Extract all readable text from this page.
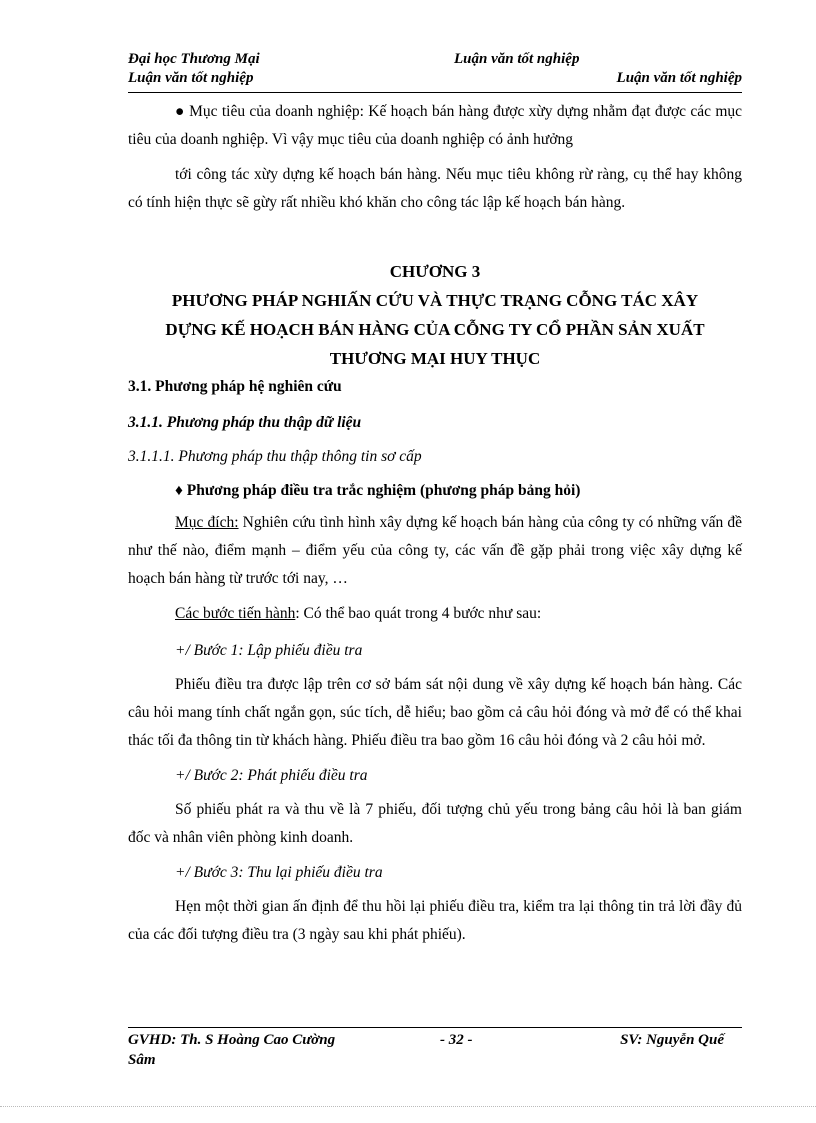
Đại học Thương Mại	Luận văn tốt nghiệp
Luận văn tốt nghiệp	Luận văn tốt nghiệp

● Mục tiêu của doanh nghiệp: Kế hoạch bán hàng được xừy dựng nhằm đạt được các mục tiêu của doanh nghiệp. Vì vậy mục tiêu của doanh nghiệp có ảnh hưởng

tới công tác xừy dựng kế hoạch bán hàng. Nếu mục tiêu không rừ ràng, cụ thể hay không có tính hiện thực sẽ gừy rất nhiều khó khăn cho công tác lập kế hoạch bán hàng.

CHƯƠNG 3
PHƯƠNG PHÁP NGHIẤN CỨU VÀ THỰC TRẠNG CỖNG TÁC XÂY
DỰNG KẾ HOẠCH BÁN HÀNG CỦA CỖNG TY CỔ PHẦN SẢN XUẤT
THƯƠNG MẠI HUY THỤC

3.1. Phương pháp hệ nghiên cứu

3.1.1. Phương pháp thu thập dữ liệu

3.1.1.1. Phương pháp thu thập thông tin sơ cấp

♦ Phương pháp điều tra trắc nghiệm (phương pháp bảng hỏi)

Mục đích: Nghiên cứu tình hình xây dựng kế hoạch bán hàng của công ty có những vấn đề như thế nào, điểm mạnh – điểm yếu của công ty, các vấn đề gặp phải trong việc xây dựng kế hoạch bán hàng từ trước tới nay, …

Các bước tiến hành: Có thể bao quát trong 4 bước như sau:

+/ Bước 1: Lập phiếu điều tra

Phiếu điều tra được lập trên cơ sở bám sát nội dung về xây dựng kế hoạch bán hàng. Các câu hỏi mang tính chất ngắn gọn, súc tích, dễ hiểu; bao gồm cả câu hỏi đóng và mở để có thể khai thác tối đa thông tin từ khách hàng. Phiếu điều tra bao gồm 16 câu hỏi đóng và 2 câu hỏi mở.

+/ Bước 2: Phát phiếu điều tra

Số phiếu phát ra và thu về là 7 phiếu, đối tượng chủ yếu trong bảng câu hỏi là ban giám đốc và nhân viên phòng kinh doanh.

+/ Bước 3: Thu lại phiếu điều tra

Hẹn một thời gian ấn định để thu hồi lại phiếu điều tra, kiểm tra lại thông tin trả lời đầy đủ của các đối tượng điều tra (3 ngày sau khi phát phiếu).

GVHD: Th. S Hoàng Cao Cường	- 32 -	SV: Nguyễn Quế
Sâm
